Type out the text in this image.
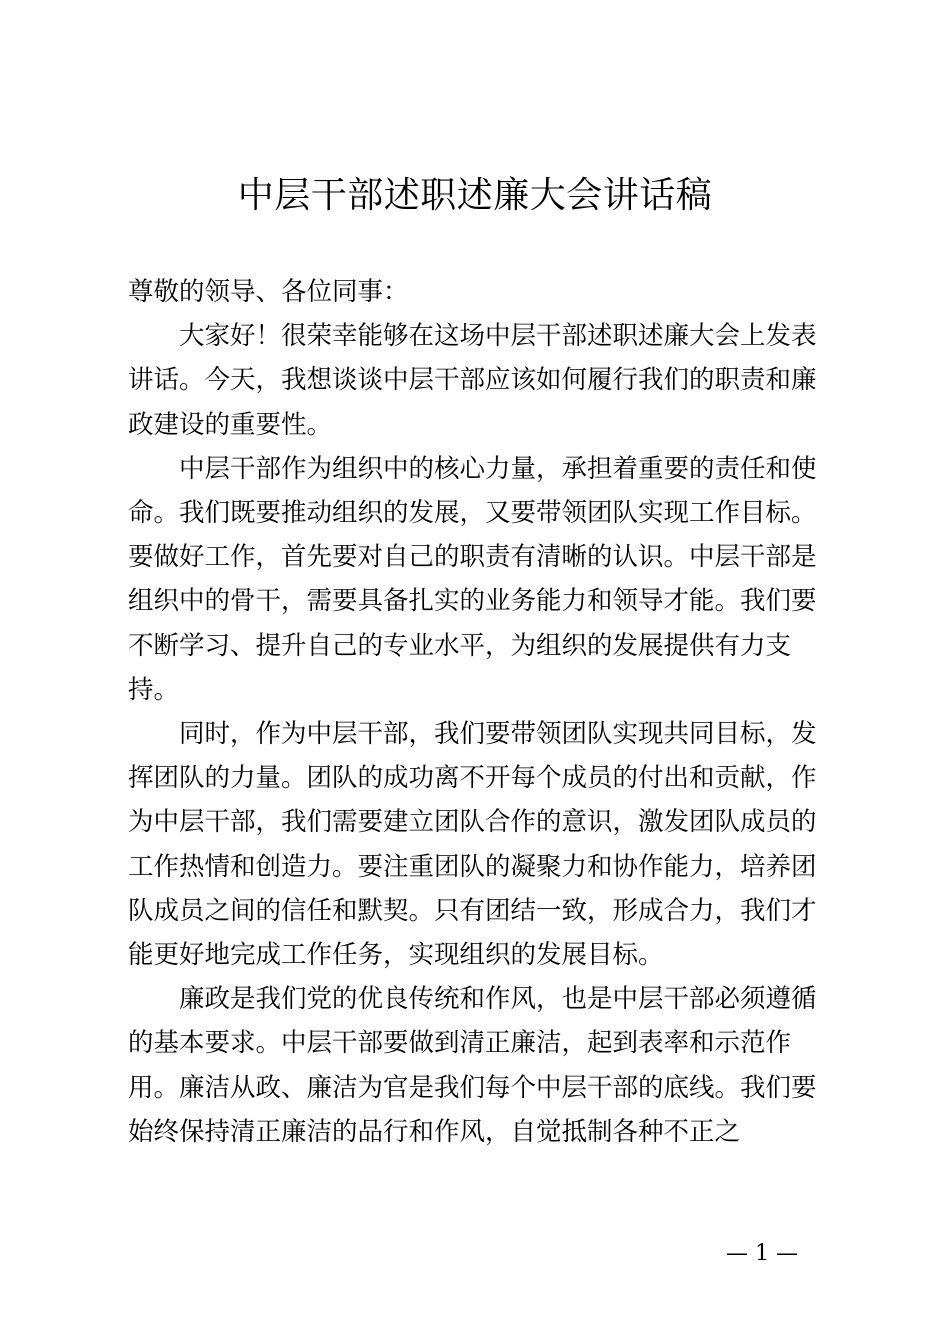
中层干部述职述廉大会讲话稿

尊敬的领导、各位同事：

大家好！很荣幸能够在这场中层干部述职述廉大会上发表
讲话。今天，我想谈谈中层干部应该如何履行我们的职责和廉
政建设的重要性。

中层干部作为组织中的核心力量，承担着重要的责任和使
命。我们既要推动组织的发展，又要带领团队实现工作目标。
要做好工作，首先要对自己的职责有清晰的认识。中层干部是
组织中的骨干，需要具备扎实的业务能力和领导才能。我们要
不断学习、提升自己的专业水平，为组织的发展提供有力支
持。

同时，作为中层干部，我们要带领团队实现共同目标，发
挥团队的力量。团队的成功离不开每个成员的付出和贡献，作
为中层干部，我们需要建立团队合作的意识，激发团队成员的
工作热情和创造力。要注重团队的凝聚力和协作能力，培养团
队成员之间的信任和默契。只有团结一致，形成合力，我们才
能更好地完成工作任务，实现组织的发展目标。

廉政是我们党的优良传统和作风，也是中层干部必须遵循
的基本要求。中层干部要做到清正廉洁，起到表率和示范作
用。廉洁从政、廉洁为官是我们每个中层干部的底线。我们要
始终保持清正廉洁的品行和作风，自觉抵制各种不正之

— 1 —
